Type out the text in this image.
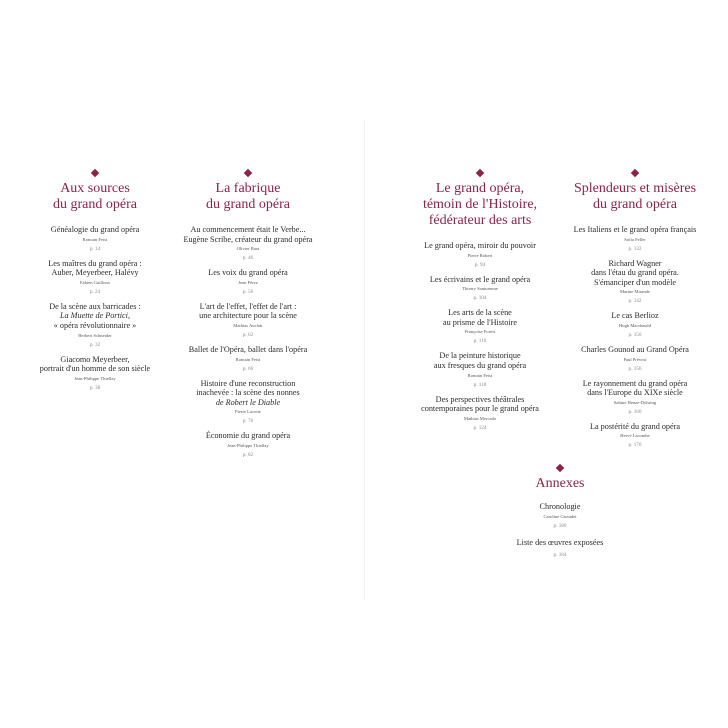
Aux sources
du grand opéra
Généalogie du grand opéra
Romain Feist
p. 14
Les maîtres du grand opéra :
Auber, Meyerbeer, Halévy
Fabien Guilloux
p. 24
De la scène aux barricades :
La Muette de Portici,
« opéra révolutionnaire »
Herbert Schneider
p. 32
Giacomo Meyerbeer,
portrait d'un homme de son siècle
Jean-Philippe Thiellay
p. 38
La fabrique
du grand opéra
Au commencement était le Verbe...
Eugène Scribe, créateur du grand opéra
Olivier Bara
p. 46
Les voix du grand opéra
Jean Pérez
p. 56
L'art de l'effet, l'effet de l'art :
une architecture pour la scène
Mathias Auclair
p. 62
Ballet de l'Opéra, ballet dans l'opéra
Romain Feist
p. 66
Histoire d'une reconstruction
inachevée : la scène des nonnes
de Robert le Diable
Pierre Lacotte
p. 76
Économie du grand opéra
Jean-Philippe Thiellay
p. 82
Le grand opéra,
témoin de l'Histoire,
fédérateur des arts
Le grand opéra, miroir du pouvoir
Pierre Robert
p. 94
Les écrivains et le grand opéra
Thierry Santurenne
p. 104
Les arts de la scène
au prisme de l'Histoire
Françoise Forest
p. 110
De la peinture historique
aux fresques du grand opéra
Romain Feist
p. 118
Des perspectives théâtrales
contemporaines pour le grand opéra
Mathias Mercado
p. 124
Splendeurs et misères
du grand opéra
Les Italiens et le grand opéra français
Sofia Feller
p. 132
Richard Wagner
dans l'étau du grand opéra.
S'émanciper d'un modèle
Marine Mirande
p. 142
Le cas Berlioz
Hugh Macdonald
p. 150
Charles Gounod au Grand Opéra
Paul Prévost
p. 156
Le rayonnement du grand opéra
dans l'Europe du XIXe siècle
Sabine Henze-Döhring
p. 160
La postérité du grand opéra
Hervé Lacombe
p. 170
Annexes
Chronologie
Caroline Giraudet
p. 180
Liste des œuvres exposées
p. 184
